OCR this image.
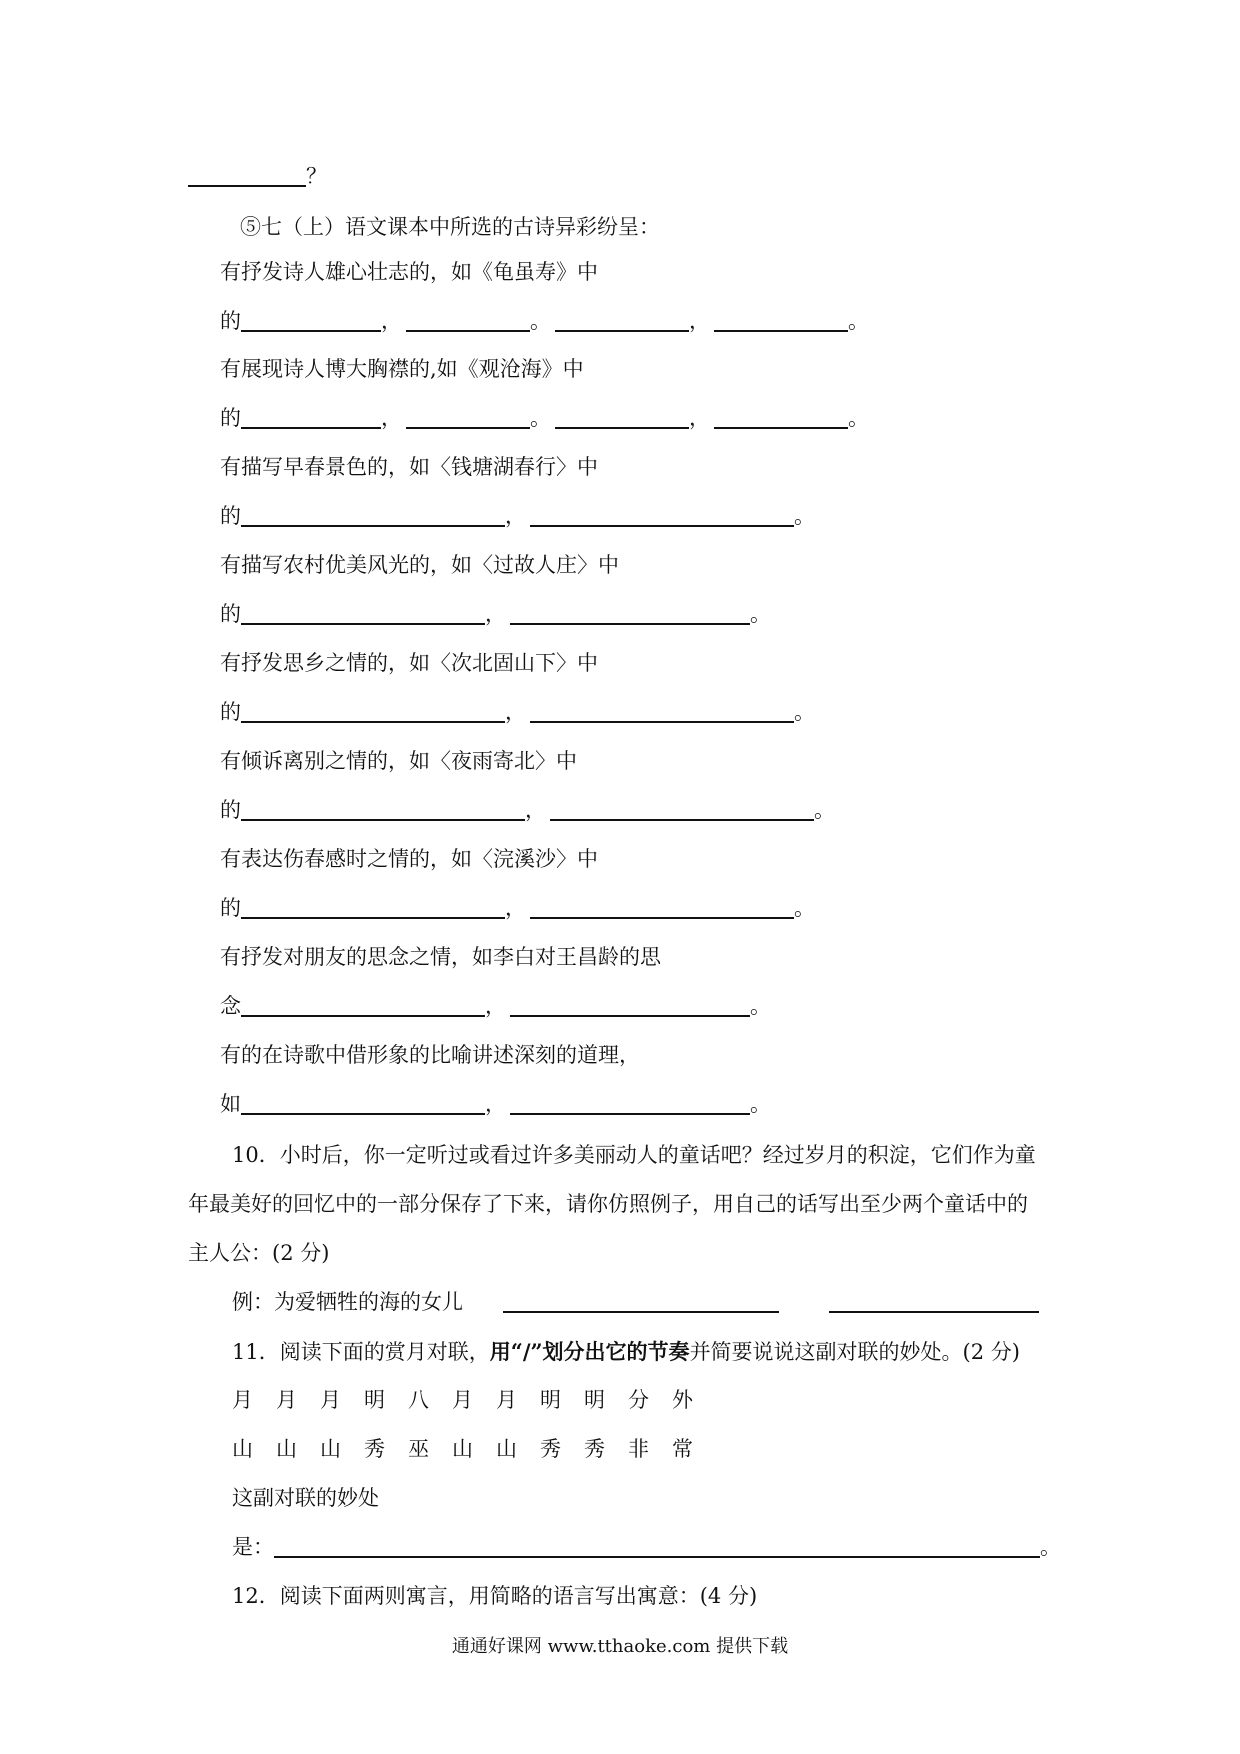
？
⑤七（上）语文课本中所选的古诗异彩纷呈：
有抒发诗人雄心壮志的，如《龟虽寿》中
的	，	。	，	。
有展现诗人博大胸襟的,如《观沧海》中
的	，	。	，	。
有描写早春景色的，如〈钱塘湖春行〉中
的	，	。
有描写农村优美风光的，如〈过故人庄〉中
的	，	。
有抒发思乡之情的，如〈次北固山下〉中
的	，	。
有倾诉离别之情的，如〈夜雨寄北〉中
的	，	。
有表达伤春感时之情的，如〈浣溪沙〉中
的	，	。
有抒发对朋友的思念之情，如李白对王昌龄的思
念	，	。
有的在诗歌中借形象的比喻讲述深刻的道理，
如	，	。
10．小时后，你一定听过或看过许多美丽动人的童话吧？经过岁月的积淀，它们作为童
年最美好的回忆中的一部分保存了下来，请你仿照例子，用自己的话写出至少两个童话中的
主人公：(2 分)
例：为爱牺牲的海的女儿
11．阅读下面的赏月对联，用“/”划分出它的节奏并简要说说这副对联的妙处。(2 分)
月 月 月 明 八 月 月 明 明 分 外
山 山 山 秀 巫 山 山 秀 秀 非 常
这副对联的妙处
是：	。
12．阅读下面两则寓言，用简略的语言写出寓意：(4 分)
通通好课网 www.tthaoke.com 提供下载
